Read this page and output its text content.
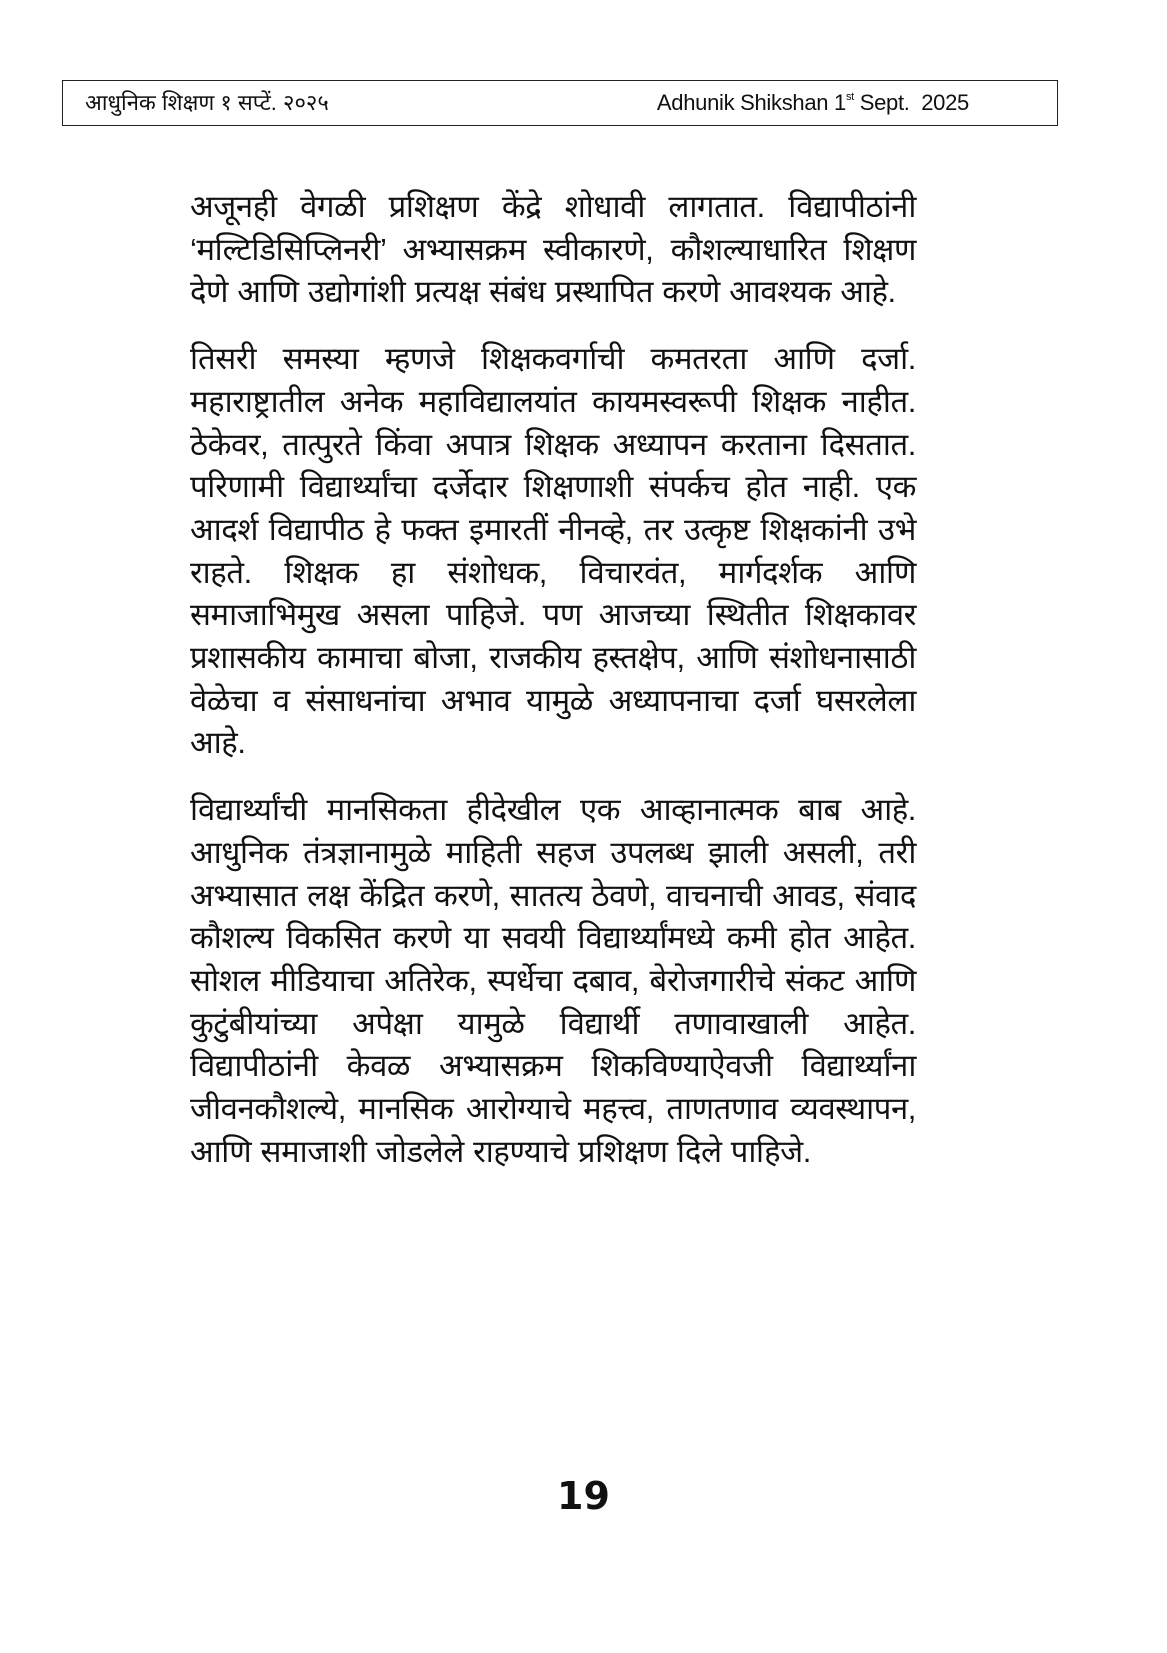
आधुनिक शिक्षण १ सप्टें. २०२५	Adhunik Shikshan 1st Sept.  2025

अजूनही वेगळी प्रशिक्षण केंद्रे शोधावी लागतात. विद्यापीठांनी ‘मल्टिडिसिप्लिनरी’ अभ्यासक्रम स्वीकारणे, कौशल्याधारित शिक्षण देणे आणि उद्योगांशी प्रत्यक्ष संबंध प्रस्थापित करणे आवश्यक आहे.

तिसरी समस्या म्हणजे शिक्षकवर्गाची कमतरता आणि दर्जा. महाराष्ट्रातील अनेक महाविद्यालयांत कायमस्वरूपी शिक्षक नाहीत. ठेकेवर, तात्पुरते किंवा अपात्र शिक्षक अध्यापन करताना दिसतात. परिणामी विद्यार्थ्यांचा दर्जेदार शिक्षणाशी संपर्कच होत नाही. एक आदर्श विद्यापीठ हे फक्त इमारतीं नीनव्हे, तर उत्कृष्ट शिक्षकांनी उभे राहते. शिक्षक हा संशोधक, विचारवंत, मार्गदर्शक आणि समाजाभिमुख असला पाहिजे. पण आजच्या स्थितीत शिक्षकावर प्रशासकीय कामाचा बोजा, राजकीय हस्तक्षेप, आणि संशोधनासाठी वेळेचा व संसाधनांचा अभाव यामुळे अध्यापनाचा दर्जा घसरलेला आहे.

विद्यार्थ्यांची मानसिकता हीदेखील एक आव्हानात्मक बाब आहे. आधुनिक तंत्रज्ञानामुळे माहिती सहज उपलब्ध झाली असली, तरी अभ्यासात लक्ष केंद्रित करणे, सातत्य ठेवणे, वाचनाची आवड, संवाद कौशल्य विकसित करणे या सवयी विद्यार्थ्यांमध्ये कमी होत आहेत. सोशल मीडियाचा अतिरेक, स्पर्धेचा दबाव, बेरोजगारीचे संकट आणि कुटुंबीयांच्या अपेक्षा यामुळे विद्यार्थी तणावाखाली आहेत. विद्यापीठांनी केवळ अभ्यासक्रम शिकविण्याऐवजी विद्यार्थ्यांना जीवनकौशल्ये, मानसिक आरोग्याचे महत्त्व, ताणतणाव व्यवस्थापन, आणि समाजाशी जोडलेले राहण्याचे प्रशिक्षण दिले पाहिजे.

19
